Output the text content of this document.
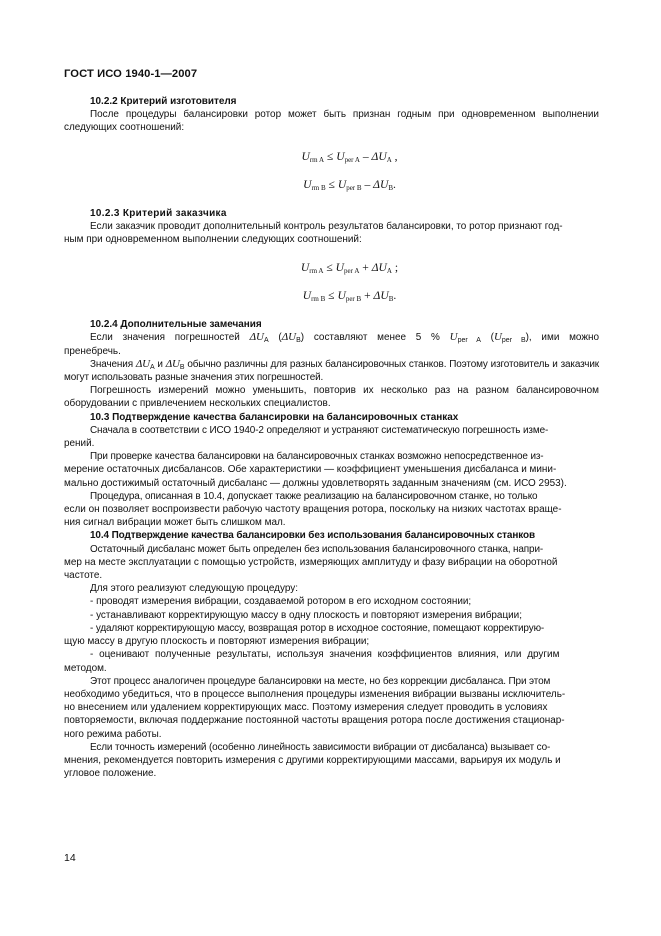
ГОСТ ИСО 1940-1—2007
10.2.2 Критерий изготовителя
После процедуры балансировки ротор может быть признан годным при одновременном выполнении следующих соотношений:
$U_{rm A} \le U_{per A} - \Delta U_A$ ,
$U_{rm B} \le U_{per B} - \Delta U_B$.
10.2.3 Критерий заказчика
Если заказчик проводит дополнительный контроль результатов балансировки, то ротор признают год-
ным при одновременном выполнении следующих соотношений:
$U_{rm A} \le U_{per A} + \Delta U_A$ ;
$U_{rm B} \le U_{per B} + \Delta U_B$.
10.2.4 Дополнительные замечания
Если значения погрешностей $\Delta U_A$ $(\Delta U_B)$ составляют менее 5 % $U_{per A}$ $(U_{per B})$, ими можно пренебречь.
Значения $\Delta U_A$ и $\Delta U_B$ обычно различны для разных балансировочных станков. Поэтому изготовитель и заказчик могут использовать разные значения этих погрешностей.
Погрешность измерений можно уменьшить, повторив их несколько раз на разном балансировочном оборудовании с привлечением нескольких специалистов.
10.3 Подтверждение качества балансировки на балансировочных станках
Сначала в соответствии с ИСО 1940-2 определяют и устраняют систематическую погрешность изме-
рений.
При проверке качества балансировки на балансировочных станках возможно непосредственное из-
мерение остаточных дисбалансов. Обе характеристики — коэффициент уменьшения дисбаланса и мини-
мально достижимый остаточный дисбаланс — должны удовлетворять заданным значениям (см. ИСО 2953).
Процедура, описанная в 10.4, допускает также реализацию на балансировочном станке, но только
если он позволяет воспроизвести рабочую частоту вращения ротора, поскольку на низких частотах враще-
ния сигнал вибрации может быть слишком мал.
10.4 Подтверждение качества балансировки без использования балансировочных станков
Остаточный дисбаланс может быть определен без использования балансировочного станка, напри-
мер на месте эксплуатации с помощью устройств, измеряющих амплитуду и фазу вибрации на оборотной
частоте.
Для этого реализуют следующую процедуру:
- проводят измерения вибрации, создаваемой ротором в его исходном состоянии;
- устанавливают корректирующую массу в одну плоскость и повторяют измерения вибрации;
- удаляют корректирующую массу, возвращая ротор в исходное состояние, помещают корректирую-
щую массу в другую плоскость и повторяют измерения вибрации;
- оценивают полученные результаты, используя значения коэффициентов влияния, или другим
методом.
Этот процесс аналогичен процедуре балансировки на месте, но без коррекции дисбаланса. При этом
необходимо убедиться, что в процессе выполнения процедуры изменения вибрации вызваны исключитель-
но внесением или удалением корректирующих масс. Поэтому измерения следует проводить в условиях
повторяемости, включая поддержание постоянной частоты вращения ротора после достижения стационар-
ного режима работы.
Если точность измерений (особенно линейность зависимости вибрации от дисбаланса) вызывает со-
мнения, рекомендуется повторить измерения с другими корректирующими массами, варьируя их модуль и
угловое положение.
14
